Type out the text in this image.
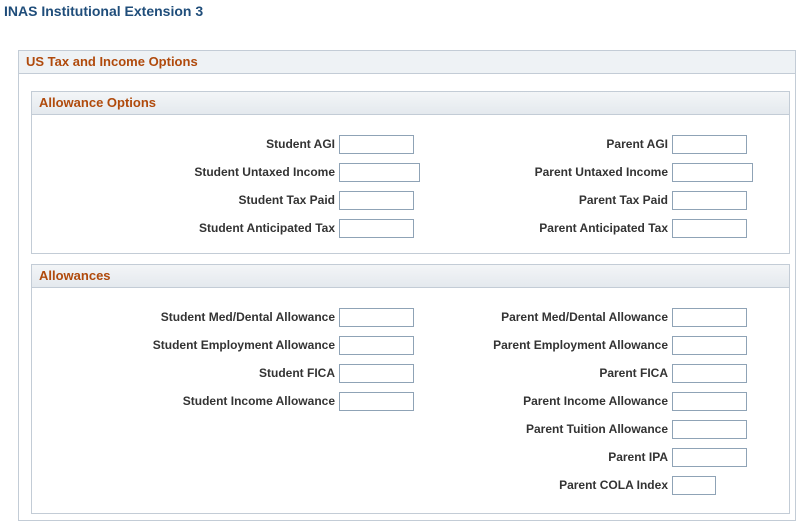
INAS Institutional Extension 3
US Tax and Income Options
Allowance Options
Student AGI
Student Untaxed Income
Student Tax Paid
Student Anticipated Tax
Parent AGI
Parent Untaxed Income
Parent Tax Paid
Parent Anticipated Tax
Allowances
Student Med/Dental Allowance
Student Employment Allowance
Student FICA
Student Income Allowance
Parent Med/Dental Allowance
Parent Employment Allowance
Parent FICA
Parent Income Allowance
Parent Tuition Allowance
Parent IPA
Parent COLA Index
